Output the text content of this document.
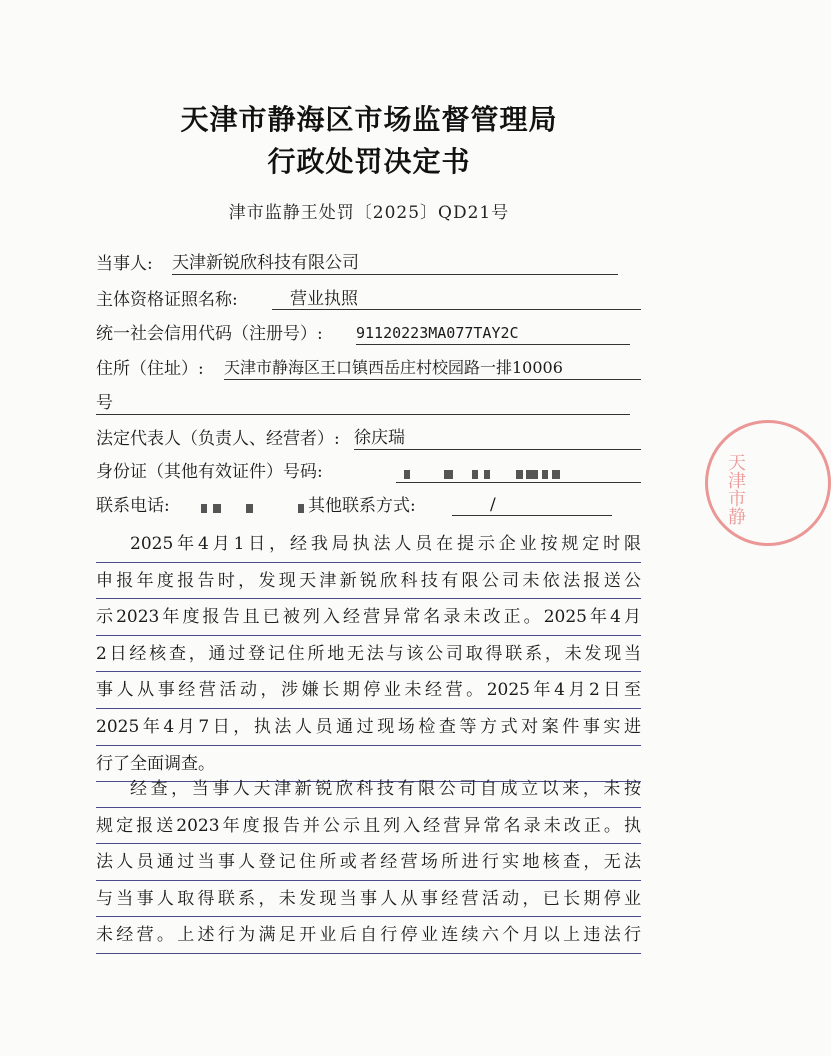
天津市静海区市场监督管理局
行政处罚决定书
津市监静王处罚〔2025〕QD21号
当事人: 天津新锐欣科技有限公司
主体资格证照名称:	营业执照
统一社会信用代码（注册号）: 91120223MA077TAY2C
住所（住址）: 天津市静海区王口镇西岳庄村校园路一排10006
号
法定代表人（负责人、经营者）: 徐庆瑞
身份证（其他有效证件）号码:
联系电话:	其他联系方式:	/
2025年4月1日，经我局执法人员在提示企业按规定时限
申报年度报告时，发现天津新锐欣科技有限公司未依法报送公
示2023年度报告且已被列入经营异常名录未改正。2025年4月
2日经核查，通过登记住所地无法与该公司取得联系，未发现当
事人从事经营活动，涉嫌长期停业未经营。2025年4月2日至
2025年4月7日，执法人员通过现场检查等方式对案件事实进
行了全面调查。
经查，当事人天津新锐欣科技有限公司自成立以来，未按
规定报送2023年度报告并公示且列入经营异常名录未改正。执
法人员通过当事人登记住所或者经营场所进行实地核查，无法
与当事人取得联系，未发现当事人从事经营活动，已长期停业
未经营。上述行为满足开业后自行停业连续六个月以上违法行
天津市静
